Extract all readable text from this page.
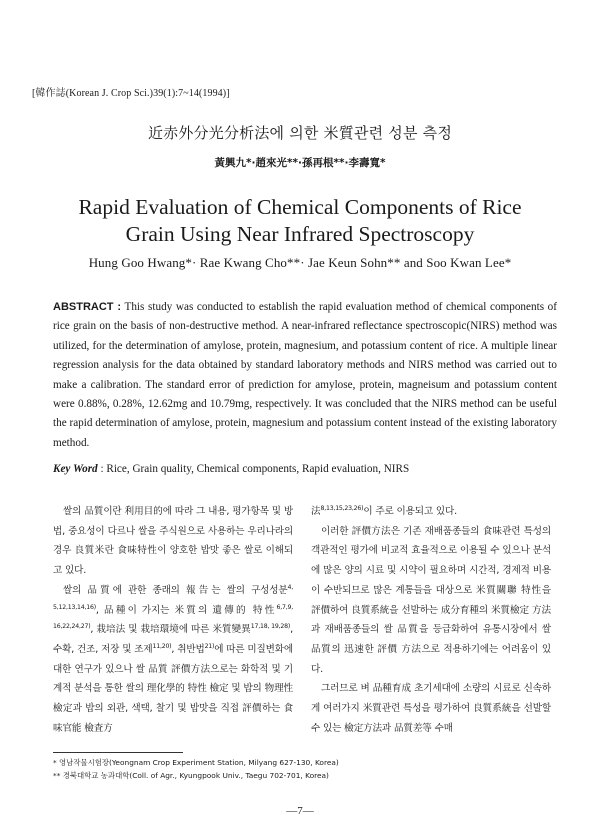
[韓作誌(Korean J. Crop Sci.)39(1):7~14(1994)]
近赤外分光分析法에 의한 米質관련 성분 측정
黃興九*·趙來光**·孫再根**·李壽寬*
Rapid Evaluation of Chemical Components of Rice
Grain Using Near Infrared Spectroscopy
Hung Goo Hwang*· Rae Kwang Cho**· Jae Keun Sohn** and Soo Kwan Lee*
ABSTRACT : This study was conducted to establish the rapid evaluation method of chemical components of rice grain on the basis of non-destructive method. A near-infrared reflectance spectroscopic(NIRS) method was utilized, for the determination of amylose, protein, magnesium, and potassium content of rice. A multiple linear regression analysis for the data obtained by standard laboratory methods and NIRS method was carried out to make a calibration. The standard error of prediction for amylose, protein, magneisum and potassium content were 0.88%, 0.28%, 12.62mg and 10.79mg, respectively. It was concluded that the NIRS method can be useful the rapid determination of amylose, protein, magnesium and potassium content instead of the existing laboratory method.
Key Word : Rice, Grain quality, Chemical components, Rapid evaluation, NIRS

쌀의 品質이란 利用目的에 따라 그 내용, 평가항목 및 방법, 중요성이 다르나 쌀을 주식원으로 사용하는 우리나라의 경우 良質米란 食味特性이 양호한 밥맛 좋은 쌀로 이해되고 있다.

쌀의 品質에 관한 종래의 報告는 쌀의 구성성분$^{4, 5,12,13,14,16)}$, 品種이 가지는 米質의 遺傳的 特性$^{6,7,9, 16,22,24,27)}$, 栽培法 및 栽培環境에 따른 米質變異$^{17,18, 19,28)}$, 수확, 건조, 저장 및 조제$^{11,20)}$, 취반법$^{21)}$에 따른 미질변화에 대한 연구가 있으나 쌀 品質 評價方法으로는 화학적 및 기계적 분석을 통한 쌀의 理化學的 特性 檢定 및 밥의 物理性檢定과 밥의 외관, 색택, 찰기 및 밥맛을 직접 評價하는 食味官能 檢査方

法$^{8,13,15,23,26)}$이 주로 이용되고 있다.

이러한 評價方法은 기존 재배품종들의 食味관련 특성의 객관적인 평가에 비교적 효율적으로 이용될 수 있으나 분석에 많은 양의 시료 및 시약이 필요하며 시간적, 경제적 비용이 수반되므로 많은 계통들을 대상으로 米質關聯 特性을 評價하여 良質系統을 선발하는 成分育種의 米質檢定 方法과 재배품종들의 쌀 品質을 등급화하여 유통시장에서 쌀 品質의 迅速한 評價 方法으로 적용하기에는 어려움이 있다.

그러므로 벼 品種育成 초기세대에 소량의 시료로 신속하게 여러가지 米質관련 특성을 평가하여 良質系統을 선발할 수 있는 檢定方法과 品質差等 수매

* 영남작물시험장(Yeongnam Crop Experiment Station, Milyang 627-130, Korea)
** 경북대학교 농과대학(Coll. of Agr., Kyungpook Univ., Taegu 702-701, Korea)
—7—
